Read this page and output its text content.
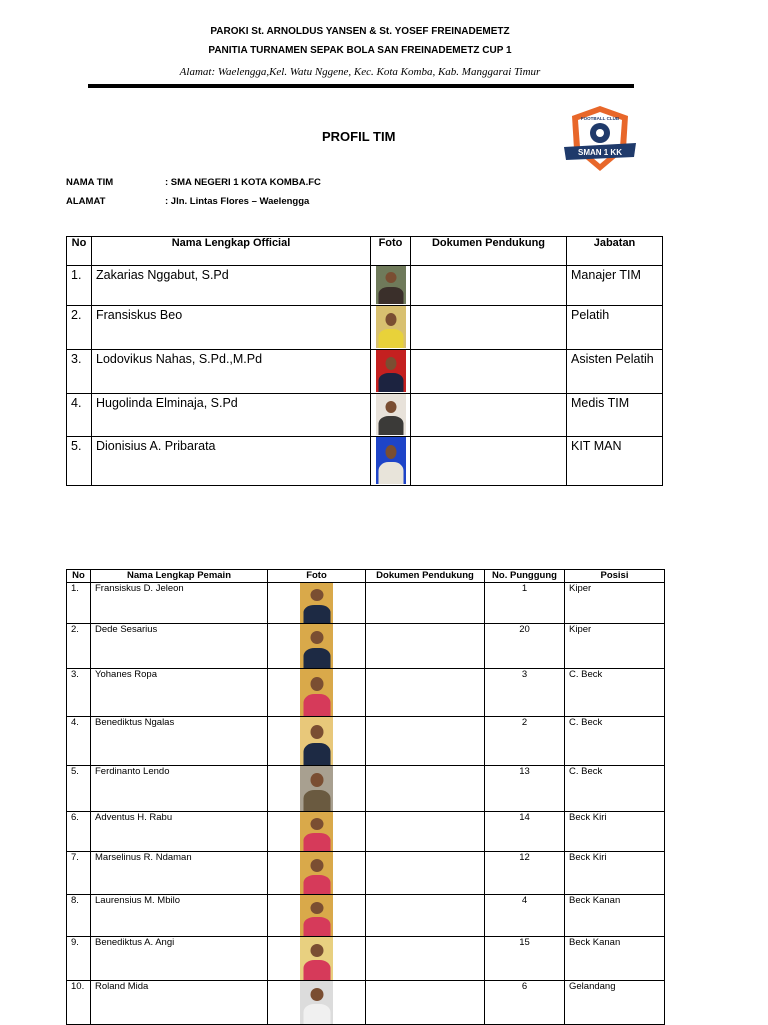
PAROKI St. ARNOLDUS YANSEN & St. YOSEF FREINADEMETZ
PANITIA TURNAMEN SEPAK BOLA SAN FREINADEMETZ CUP 1
Alamat: Waelengga,Kel. Watu Nggene, Kec. Kota Komba, Kab. Manggarai Timur
PROFIL TIM
FOOTBALL CLUB
SMAN 1 KK
NAMA TIM	: SMA NEGERI 1 KOTA KOMBA.FC
ALAMAT	: Jln. Lintas Flores – Waelengga
No	Nama Lengkap Official	Foto	Dokumen Pendukung	Jabatan
1.	Zakarias Nggabut, S.Pd			Manajer TIM
2.	Fransiskus Beo			Pelatih
3.	Lodovikus Nahas, S.Pd.,M.Pd			Asisten Pelatih
4.	Hugolinda Elminaja, S.Pd			Medis TIM
5.	Dionisius A. Pribarata			KIT MAN
No	Nama Lengkap Pemain	Foto	Dokumen Pendukung	No. Punggung	Posisi
1.	Fransiskus D. Jeleon			1	Kiper
2.	Dede Sesarius			20	Kiper
3.	Yohanes Ropa			3	C. Beck
4.	Benediktus Ngalas			2	C. Beck
5.	Ferdinanto Lendo			13	C. Beck
6.	Adventus H. Rabu			14	Beck Kiri
7.	Marselinus R. Ndaman			12	Beck Kiri
8.	Laurensius M. Mbilo			4	Beck Kanan
9.	Benediktus A. Angi			15	Beck Kanan
10.	Roland Mida			6	Gelandang
